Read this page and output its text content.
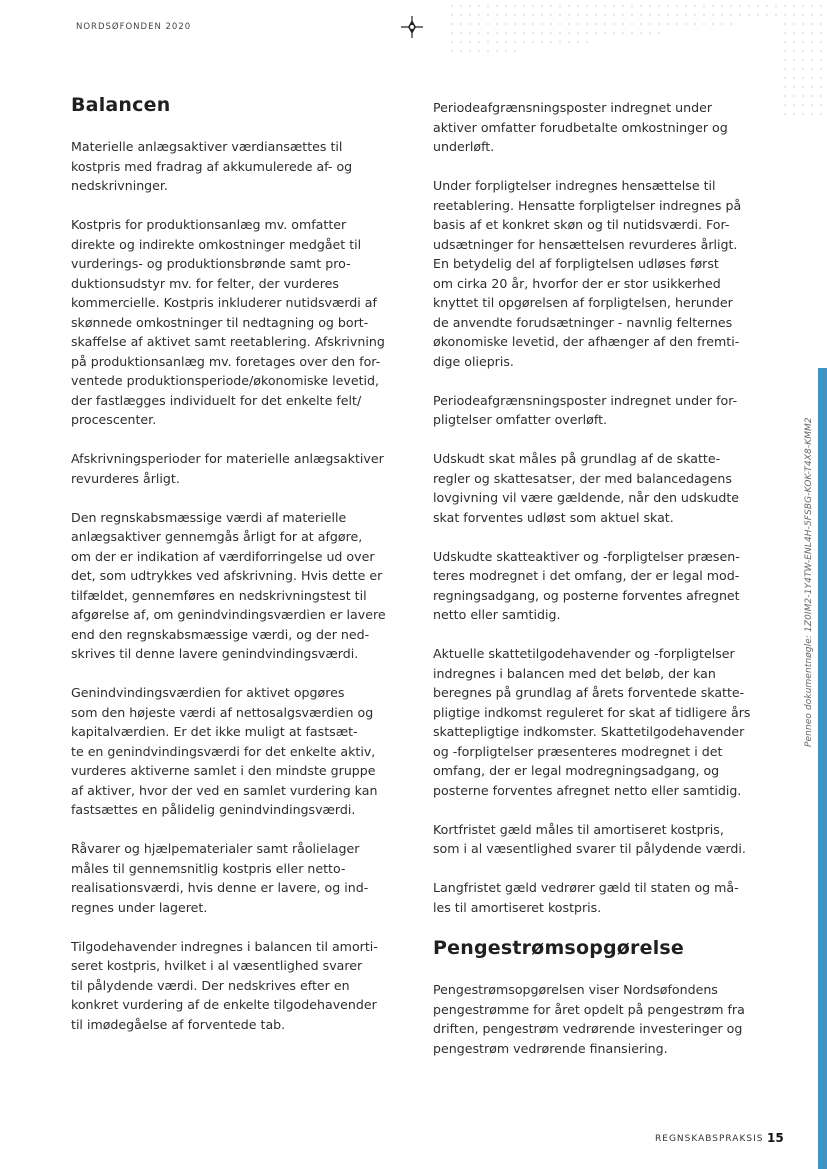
NORDSØFONDEN 2020
Balancen

Materielle anlægsaktiver værdiansættes til
kostpris med fradrag af akkumulerede af- og
nedskrivninger.

Kostpris for produktionsanlæg mv. omfatter
direkte og indirekte omkostninger medgået til
vurderings- og produktionsbrønde samt pro-
duktionsudstyr mv. for felter, der vurderes
kommercielle. Kostpris inkluderer nutidsværdi af
skønnede omkostninger til nedtagning og bort-
skaffelse af aktivet samt reetablering. Afskrivning
på produktionsanlæg mv. foretages over den for-
ventede produktionsperiode/økonomiske levetid,
der fastlægges individuelt for det enkelte felt/
procescenter.

Afskrivningsperioder for materielle anlægsaktiver
revurderes årligt.

Den regnskabsmæssige værdi af materielle
anlægsaktiver gennemgås årligt for at afgøre,
om der er indikation af værdiforringelse ud over
det, som udtrykkes ved afskrivning. Hvis dette er
tilfældet, gennemføres en nedskrivningstest til
afgørelse af, om genindvindingsværdien er lavere
end den regnskabsmæssige værdi, og der ned-
skrives til denne lavere genindvindingsværdi.

Genindvindingsværdien for aktivet opgøres
som den højeste værdi af nettosalgsværdien og
kapitalværdien. Er det ikke muligt at fastsæt-
te en genindvindingsværdi for det enkelte aktiv,
vurderes aktiverne samlet i den mindste gruppe
af aktiver, hvor der ved en samlet vurdering kan
fastsættes en pålidelig genindvindingsværdi.

Råvarer og hjælpematerialer samt råolielager
måles til gennemsnitlig kostpris eller netto-
realisationsværdi, hvis denne er lavere, og ind-
regnes under lageret.

Tilgodehavender indregnes i balancen til amorti-
seret kostpris, hvilket i al væsentlighed svarer
til pålydende værdi. Der nedskrives efter en
konkret vurdering af de enkelte tilgodehavender
til imødegåelse af forventede tab.

Periodeafgrænsningsposter indregnet under
aktiver omfatter forudbetalte omkostninger og
underløft.

Under forpligtelser indregnes hensættelse til
reetablering. Hensatte forpligtelser indregnes på
basis af et konkret skøn og til nutidsværdi. For-
udsætninger for hensættelsen revurderes årligt.
En betydelig del af forpligtelsen udløses først
om cirka 20 år, hvorfor der er stor usikkerhed
knyttet til opgørelsen af forpligtelsen, herunder
de anvendte forudsætninger - navnlig felternes
økonomiske levetid, der afhænger af den fremti-
dige oliepris.

Periodeafgrænsningsposter indregnet under for-
pligtelser omfatter overløft.

Udskudt skat måles på grundlag af de skatte-
regler og skattesatser, der med balancedagens
lovgivning vil være gældende, når den udskudte
skat forventes udløst som aktuel skat.

Udskudte skatteaktiver og -forpligtelser præsen-
teres modregnet i det omfang, der er legal mod-
regningsadgang, og posterne forventes afregnet
netto eller samtidig.

Aktuelle skattetilgodehavender og -forpligtelser
indregnes i balancen med det beløb, der kan
beregnes på grundlag af årets forventede skatte-
pligtige indkomst reguleret for skat af tidligere års
skattepligtige indkomster. Skattetilgodehavender
og -forpligtelser præsenteres modregnet i det
omfang, der er legal modregningsadgang, og
posterne forventes afregnet netto eller samtidig.

Kortfristet gæld måles til amortiseret kostpris,
som i al væsentlighed svarer til pålydende værdi.

Langfristet gæld vedrører gæld til staten og må-
les til amortiseret kostpris.

Pengestrømsopgørelse

Pengestrømsopgørelsen viser Nordsøfondens
pengestrømme for året opdelt på pengestrøm fra
driften, pengestrøm vedrørende investeringer og
pengestrøm vedrørende finansiering.

Penneo dokumentnøgle: 1Z0IM2-1Y4TW-ENL4H-5FSBG-KOK-T4X8-KMM2
REGNSKABSPRAKSIS 15
